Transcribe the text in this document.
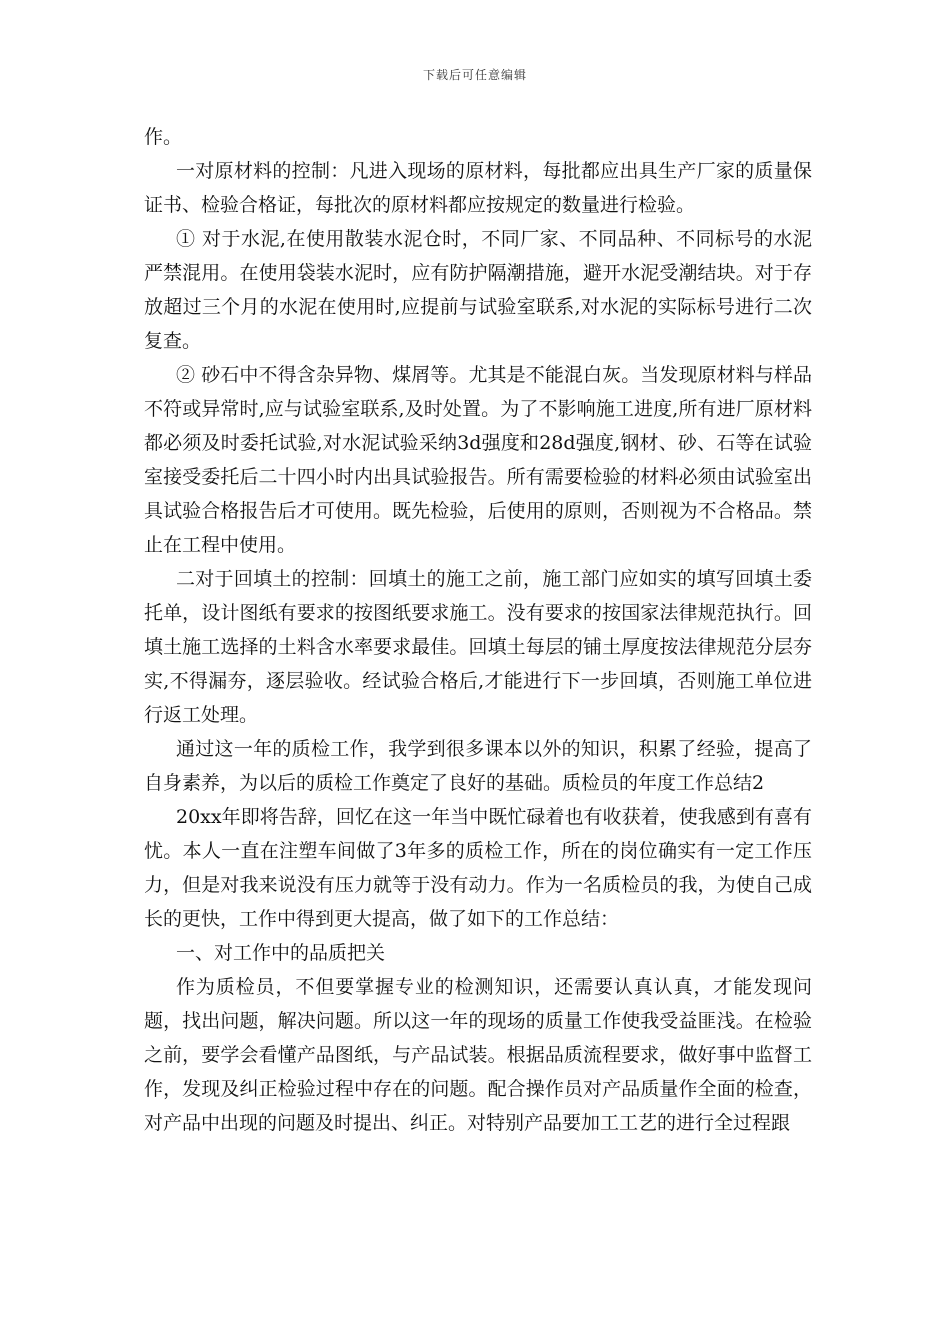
下载后可任意编辑

作。

一对原材料的控制：凡进入现场的原材料，每批都应出具生产厂家的质量保证书、检验合格证，每批次的原材料都应按规定的数量进行检验。

① 对于水泥,在使用散装水泥仓时，不同厂家、不同品种、不同标号的水泥严禁混用。在使用袋装水泥时，应有防护隔潮措施，避开水泥受潮结块。对于存放超过三个月的水泥在使用时,应提前与试验室联系,对水泥的实际标号进行二次复查。

② 砂石中不得含杂异物、煤屑等。尤其是不能混白灰。当发现原材料与样品不符或异常时,应与试验室联系,及时处置。为了不影响施工进度,所有进厂原材料都必须及时委托试验,对水泥试验采纳3d强度和28d强度,钢材、砂、石等在试验室接受委托后二十四小时内出具试验报告。所有需要检验的材料必须由试验室出具试验合格报告后才可使用。既先检验，后使用的原则，否则视为不合格品。禁止在工程中使用。

二对于回填土的控制：回填土的施工之前，施工部门应如实的填写回填土委托单，设计图纸有要求的按图纸要求施工。没有要求的按国家法律规范执行。回填土施工选择的土料含水率要求最佳。回填土每层的铺土厚度按法律规范分层夯实,不得漏夯，逐层验收。经试验合格后,才能进行下一步回填，否则施工单位进行返工处理。

通过这一年的质检工作，我学到很多课本以外的知识，积累了经验，提高了自身素养，为以后的质检工作奠定了良好的基础。质检员的年度工作总结2

20xx年即将告辞，回忆在这一年当中既忙碌着也有收获着，使我感到有喜有忧。本人一直在注塑车间做了3年多的质检工作，所在的岗位确实有一定工作压力，但是对我来说没有压力就等于没有动力。作为一名质检员的我，为使自己成长的更快，工作中得到更大提高，做了如下的工作总结：

一、对工作中的品质把关

作为质检员，不但要掌握专业的检测知识，还需要认真认真，才能发现问题，找出问题，解决问题。所以这一年的现场的质量工作使我受益匪浅。在检验之前，要学会看懂产品图纸，与产品试装。根据品质流程要求，做好事中监督工作，发现及纠正检验过程中存在的问题。配合操作员对产品质量作全面的检查，对产品中出现的问题及时提出、纠正。对特别产品要加工工艺的进行全过程跟
